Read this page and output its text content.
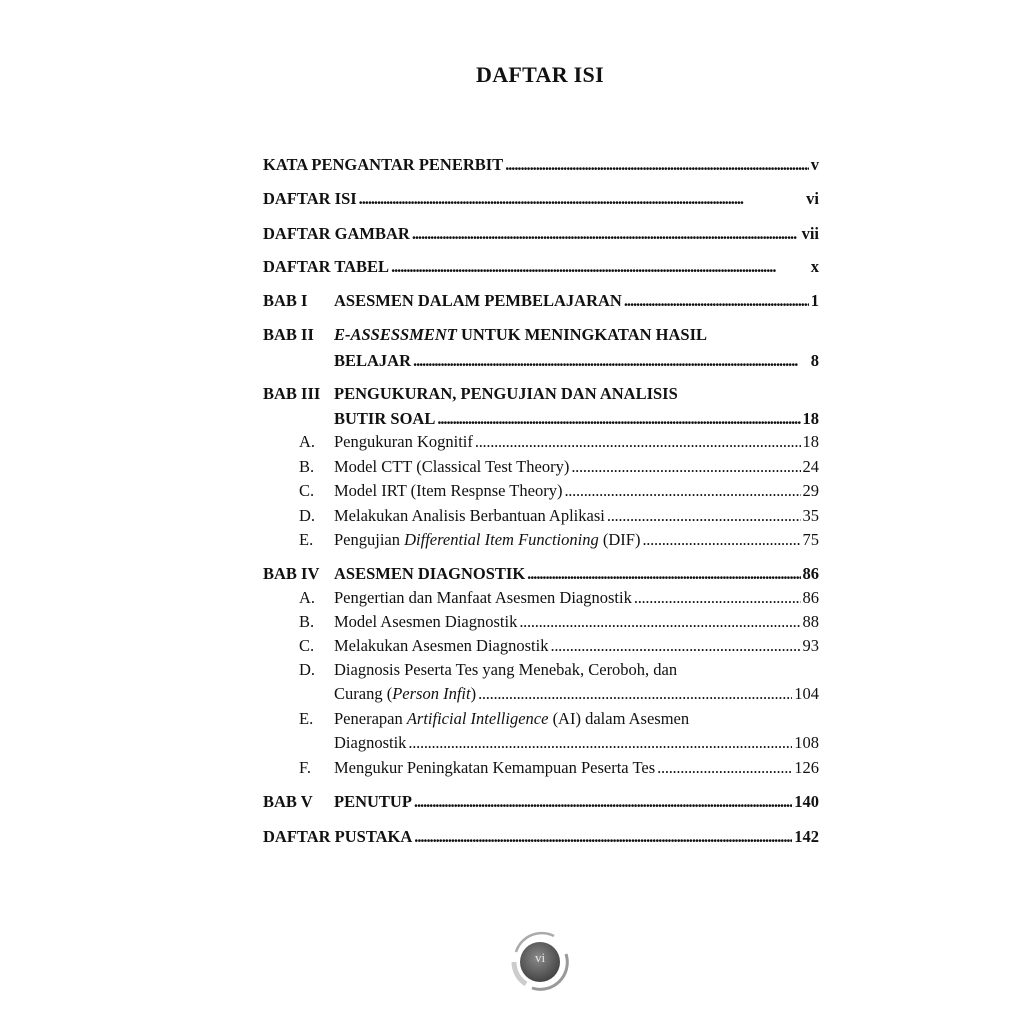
DAFTAR ISI
KATA PENGANTAR PENERBIT . . .	v
DAFTAR ISI . . .	vi
DAFTAR GAMBAR . . .	vii
DAFTAR TABEL . . .	x
BAB I	ASESMEN DALAM PEMBELAJARAN . . .	1
BAB II	E-ASSESSMENT UNTUK MENINGKATAN HASIL
BELAJAR . . .	8
BAB III PENGUKURAN, PENGUJIAN DAN ANALISIS
BUTIR SOAL . . .	18
A.	Pengukuran Kognitif . . .	18
B.	Model CTT (Classical Test Theory) . . .	24
C.	Model IRT (Item Respnse Theory) . . .	29
D.	Melakukan Analisis Berbantuan Aplikasi . . .	35
E.	Pengujian Differential Item Functioning (DIF) . . .	75
BAB IV ASESMEN DIAGNOSTIK . . .	86
A.	Pengertian dan Manfaat Asesmen Diagnostik . . .	86
B.	Model Asesmen Diagnostik . . .	88
C.	Melakukan Asesmen Diagnostik . . .	93
D.	Diagnosis Peserta Tes yang Menebak, Ceroboh, dan
Curang (Person Infit) . . .	104
E.	Penerapan Artificial Intelligence (AI) dalam Asesmen
Diagnostik . . .	108
F.	Mengukur Peningkatan Kemampuan Peserta Tes . . .	126
BAB V	PENUTUP . . .	140
DAFTAR PUSTAKA . . .	142
vi
